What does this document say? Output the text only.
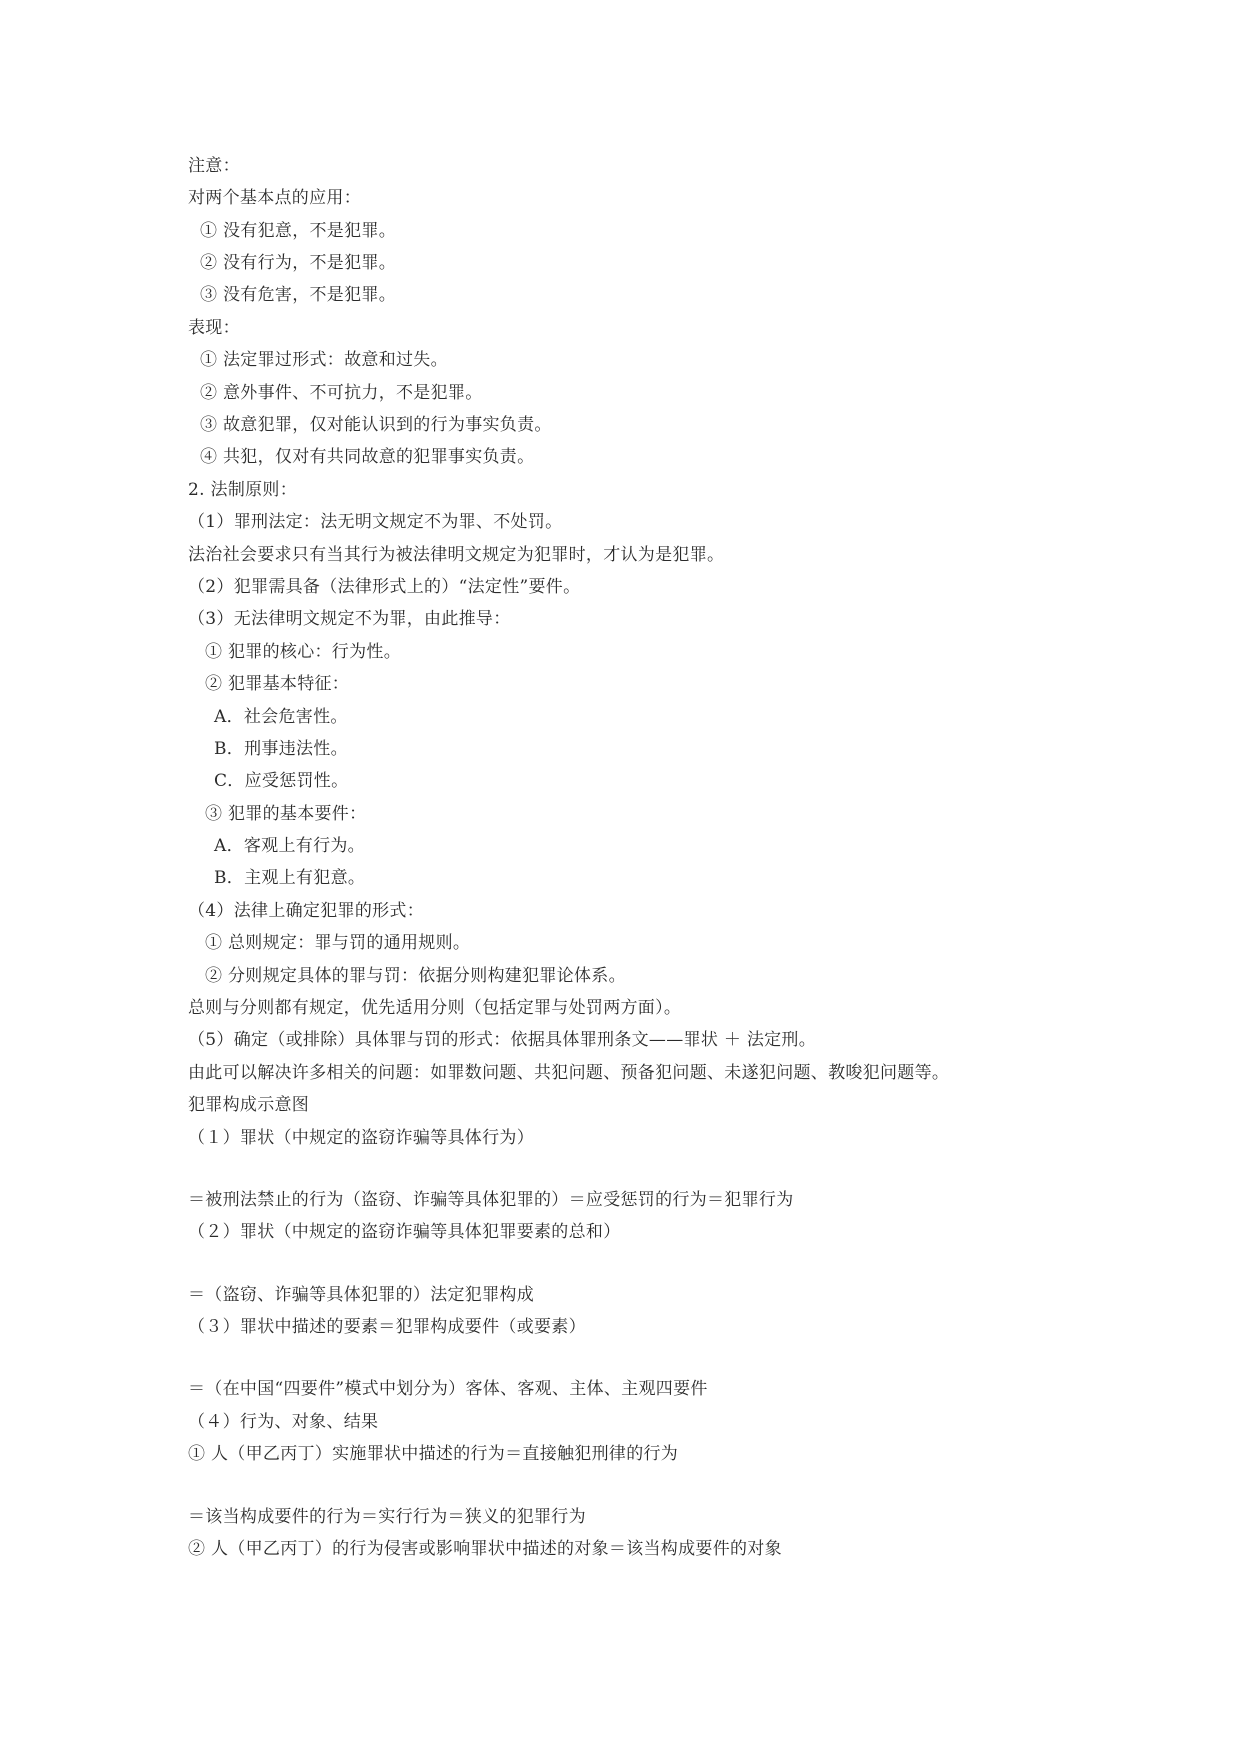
注意：
对两个基本点的应用：
① 没有犯意，不是犯罪。
② 没有行为，不是犯罪。
③ 没有危害，不是犯罪。
表现：
① 法定罪过形式：故意和过失。
② 意外事件、不可抗力，不是犯罪。
③ 故意犯罪，仅对能认识到的行为事实负责。
④ 共犯，仅对有共同故意的犯罪事实负责。
2. 法制原则：
（1）罪刑法定：法无明文规定不为罪、不处罚。
法治社会要求只有当其行为被法律明文规定为犯罪时，才认为是犯罪。
（2）犯罪需具备（法律形式上的）“法定性”要件。
（3）无法律明文规定不为罪，由此推导：
① 犯罪的核心：行为性。
② 犯罪基本特征：
A．社会危害性。
B．刑事违法性。
C．应受惩罚性。
③ 犯罪的基本要件：
A．客观上有行为。
B．主观上有犯意。
（4）法律上确定犯罪的形式：
① 总则规定：罪与罚的通用规则。
② 分则规定具体的罪与罚：依据分则构建犯罪论体系。
总则与分则都有规定，优先适用分则（包括定罪与处罚两方面）。
（5）确定（或排除）具体罪与罚的形式：依据具体罪刑条文——罪状 ＋ 法定刑。
由此可以解决许多相关的问题：如罪数问题、共犯问题、预备犯问题、未遂犯问题、教唆犯问题等。
犯罪构成示意图
（１）罪状（中规定的盗窃诈骗等具体行为）
＝被刑法禁止的行为（盗窃、诈骗等具体犯罪的）＝应受惩罚的行为＝犯罪行为
（２）罪状（中规定的盗窃诈骗等具体犯罪要素的总和）
＝（盗窃、诈骗等具体犯罪的）法定犯罪构成
（３）罪状中描述的要素＝犯罪构成要件（或要素）
＝（在中国“四要件”模式中划分为）客体、客观、主体、主观四要件
（４）行为、对象、结果
① 人（甲乙丙丁）实施罪状中描述的行为＝直接触犯刑律的行为
＝该当构成要件的行为＝实行行为＝狭义的犯罪行为
② 人（甲乙丙丁）的行为侵害或影响罪状中描述的对象＝该当构成要件的对象
